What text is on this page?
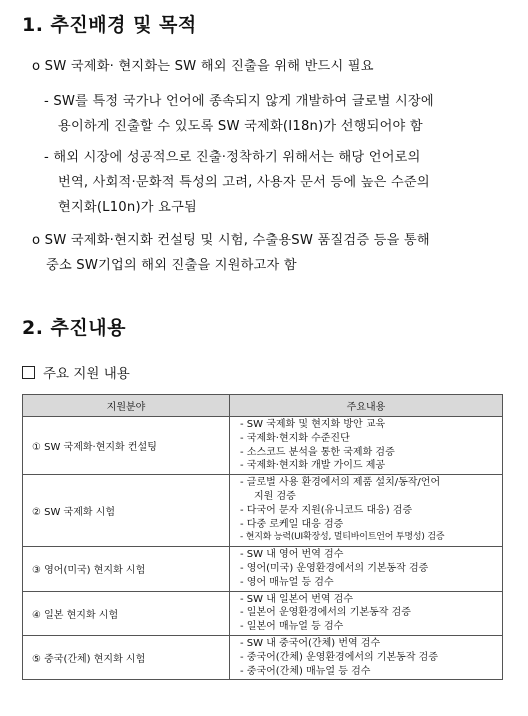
1. 추진배경 및 목적
o SW 국제화· 현지화는 SW 해외 진출을 위해 반드시 필요
- SW를 특정 국가나 언어에 종속되지 않게 개발하여 글로벌 시장에
용이하게 진출할 수 있도록 SW 국제화(I18n)가 선행되어야 함
- 해외 시장에 성공적으로 진출·정착하기 위해서는 해당 언어로의
번역, 사회적·문화적 특성의 고려, 사용자 문서 등에 높은 수준의
현지화(L10n)가 요구됨
o SW 국제화·현지화 컨설팅 및 시험, 수출용SW 품질검증 등을 통해
중소 SW기업의 해외 진출을 지원하고자 함
2. 추진내용
주요 지원 내용
지원분야	주요내용
① SW 국제화·현지화 컨설팅	- SW 국제화 및 현지화 방안 교육
- 국제화·현지화 수준진단
- 소스코드 분석을 통한 국제화 검증
- 국제화·현지화 개발 가이드 제공

② SW 국제화 시험	- 글로벌 사용 환경에서의 제품 설치/동작/언어
지원 검증
- 다국어 문자 지원(유니코드 대응) 검증
- 다중 로케일 대응 검증
- 현지화 능력(UI확장성, 멀티바이트언어 투명성) 검증

③ 영어(미국) 현지화 시험	- SW 내 영어 번역 검수
- 영어(미국) 운영환경에서의 기본동작 검증
- 영어 매뉴얼 등 검수

④ 일본 현지화 시험	- SW 내 일본어 번역 검수
- 일본어 운영환경에서의 기본동작 검증
- 일본어 매뉴얼 등 검수

⑤ 중국(간체) 현지화 시험	- SW 내 중국어(간체) 번역 검수
- 중국어(간체) 운영환경에서의 기본동작 검증
- 중국어(간체) 매뉴얼 등 검수
